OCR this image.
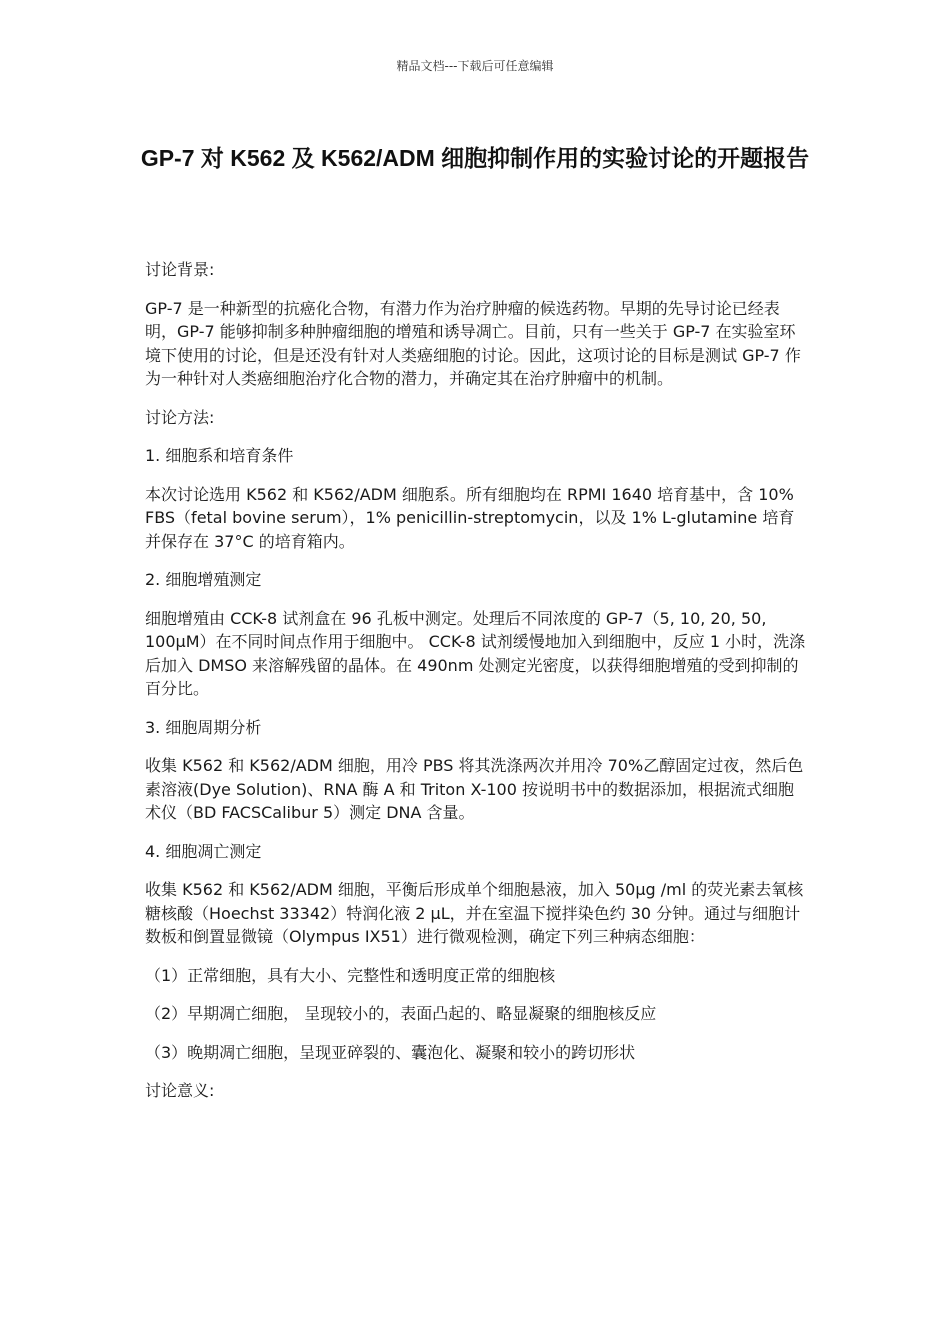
精品文档---下载后可任意编辑
GP-7 对 K562 及 K562/ADM 细胞抑制作用的实验讨论的开题报告

讨论背景:

GP-7 是一种新型的抗癌化合物，有潜力作为治疗肿瘤的候选药物。早期的先导讨论已经表明，GP-7 能够抑制多种肿瘤细胞的增殖和诱导凋亡。目前，只有一些关于 GP-7 在实验室环境下使用的讨论，但是还没有针对人类癌细胞的讨论。因此，这项讨论的目标是测试 GP-7 作为一种针对人类癌细胞治疗化合物的潜力，并确定其在治疗肿瘤中的机制。

讨论方法:

1. 细胞系和培育条件

本次讨论选用 K562 和 K562/ADM 细胞系。所有细胞均在 RPMI 1640 培育基中，含 10% FBS（fetal bovine serum），1% penicillin-streptomycin，以及 1% L-glutamine 培育并保存在 37°C 的培育箱内。

2. 细胞增殖测定

细胞增殖由 CCK-8 试剂盒在 96 孔板中测定。处理后不同浓度的 GP-7（5, 10, 20, 50, 100μM）在不同时间点作用于细胞中。 CCK-8 试剂缓慢地加入到细胞中，反应 1 小时，洗涤后加入 DMSO 来溶解残留的晶体。在 490nm 处测定光密度，以获得细胞增殖的受到抑制的百分比。

3. 细胞周期分析

收集 K562 和 K562/ADM 细胞，用冷 PBS 将其洗涤两次并用冷 70%乙醇固定过夜，然后色素溶液(Dye Solution)、RNA 酶 A 和 Triton X-100 按说明书中的数据添加，根据流式细胞术仪（BD FACSCalibur 5）测定 DNA 含量。

4. 细胞凋亡测定

收集 K562 和 K562/ADM 细胞，平衡后形成单个细胞悬液，加入 50μg /ml 的荧光素去氧核糖核酸（Hoechst 33342）特润化液 2 μL，并在室温下搅拌染色约 30 分钟。通过与细胞计数板和倒置显微镜（Olympus IX51）进行微观检测，确定下列三种病态细胞：

（1）正常细胞，具有大小、完整性和透明度正常的细胞核

（2）早期凋亡细胞， 呈现较小的，表面凸起的、略显凝聚的细胞核反应

（3）晚期凋亡细胞，呈现亚碎裂的、囊泡化、凝聚和较小的跨切形状

讨论意义:
